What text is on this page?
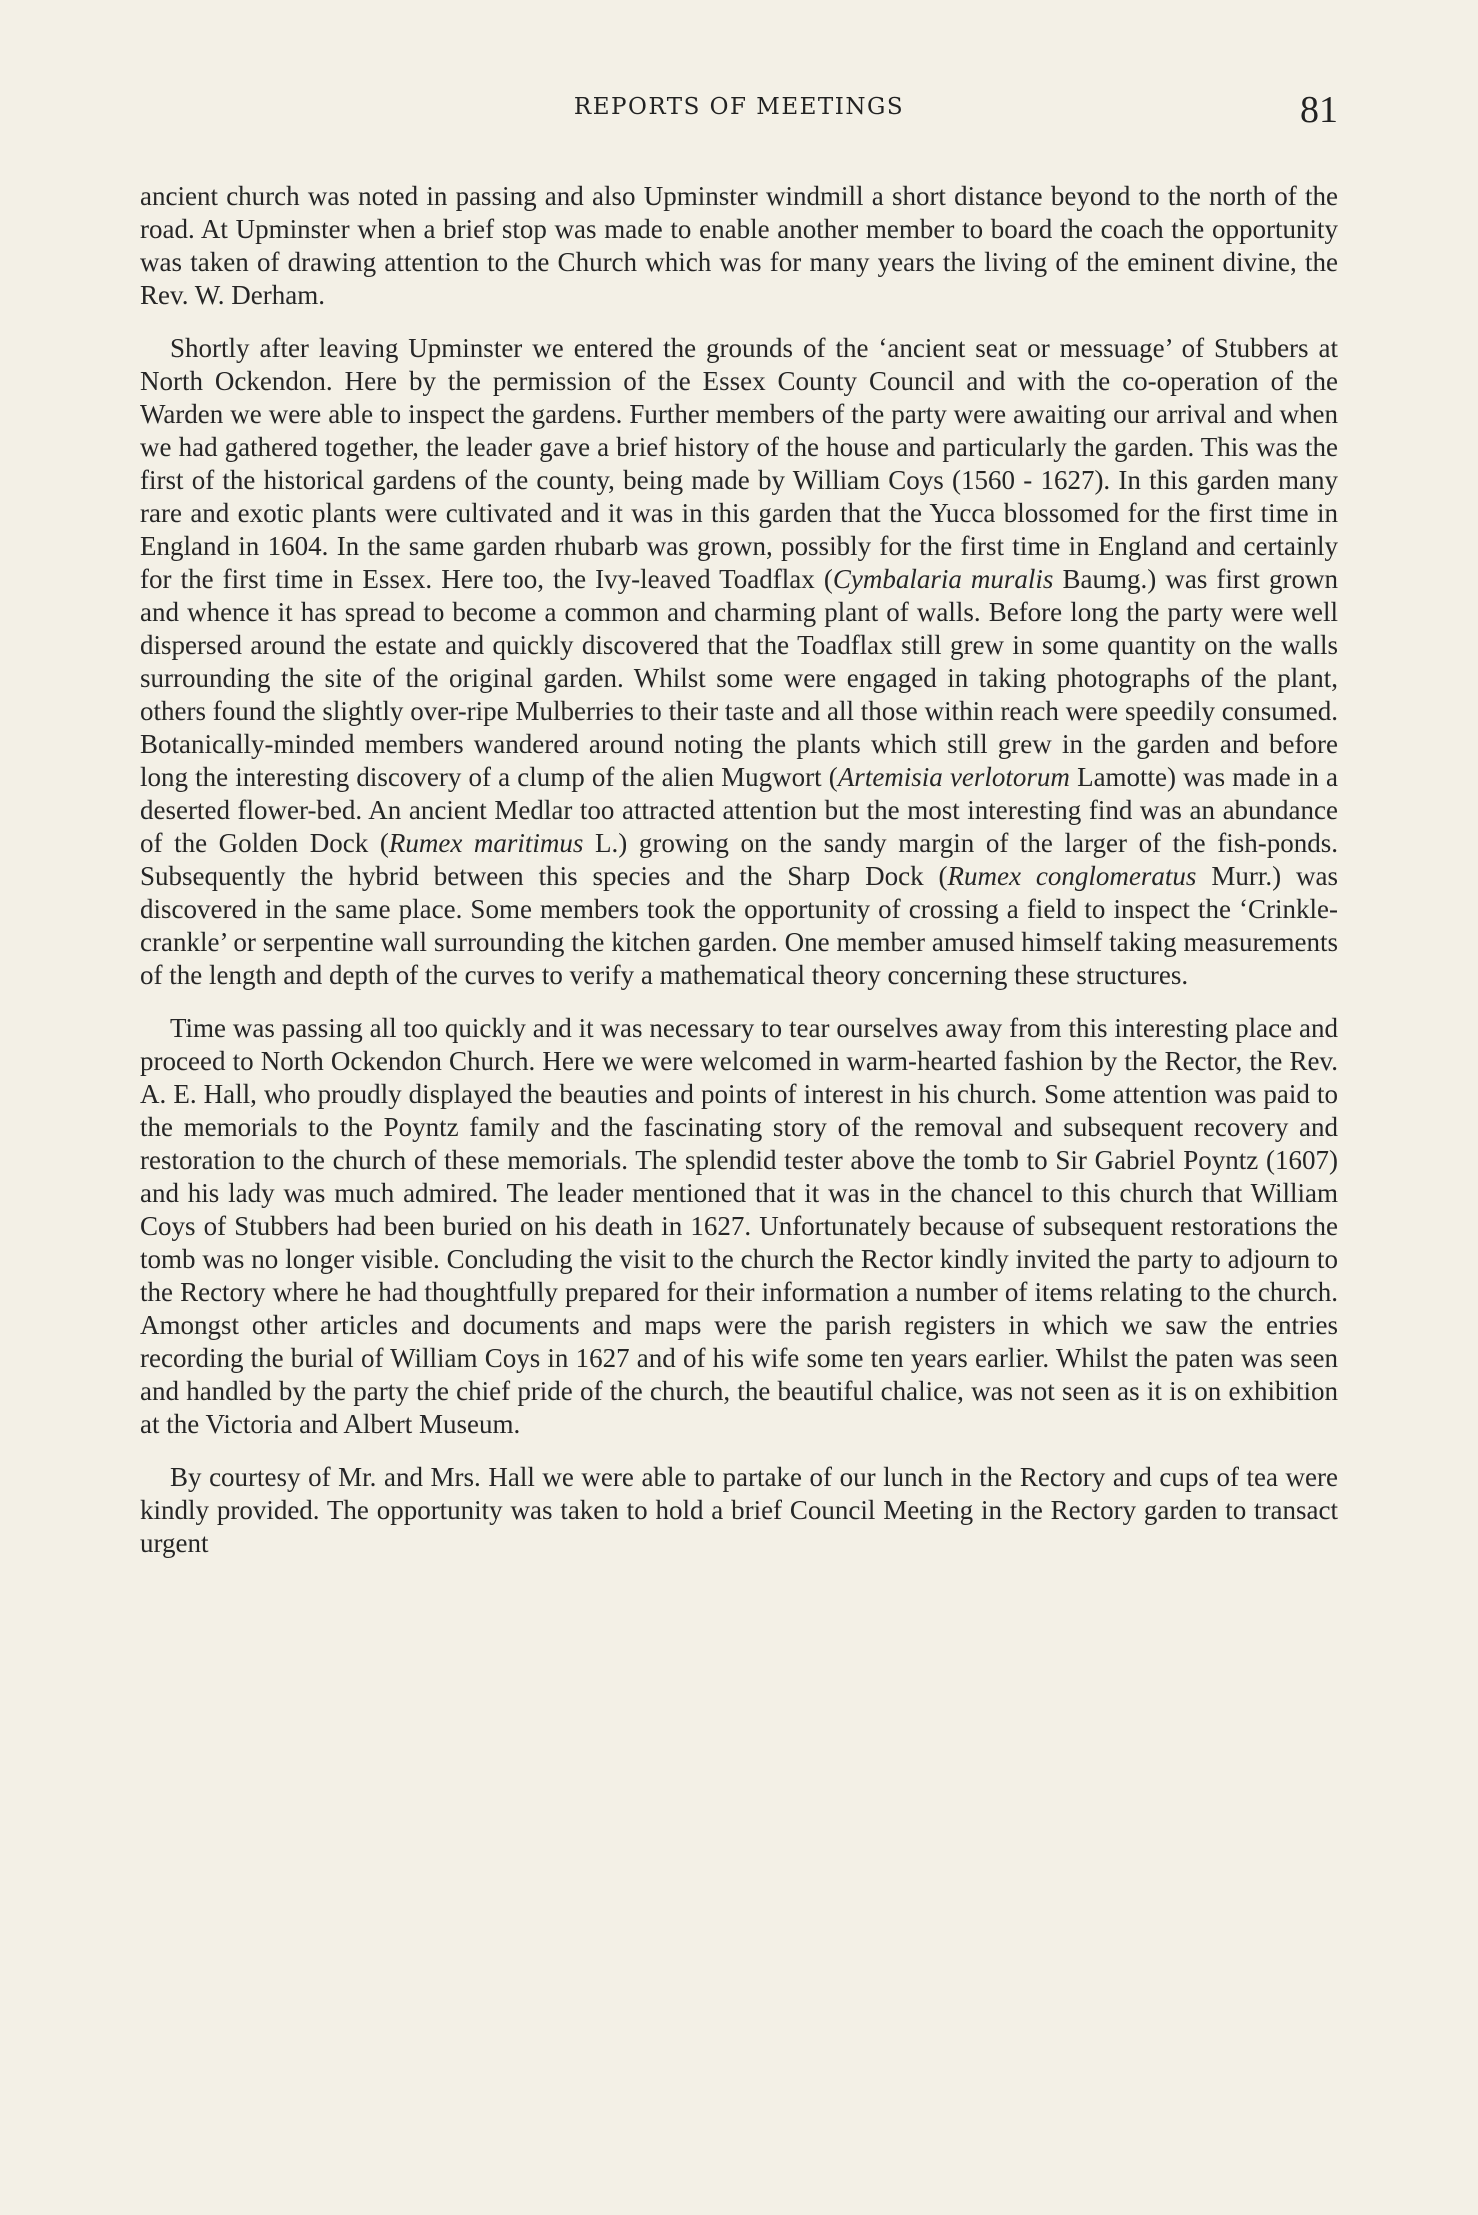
REPORTS OF MEETINGS	81

ancient church was noted in passing and also Upminster windmill a short distance beyond to the north of the road. At Upminster when a brief stop was made to enable another member to board the coach the opportunity was taken of drawing attention to the Church which was for many years the living of the eminent divine, the Rev. W. Derham.

Shortly after leaving Upminster we entered the grounds of the ‘ancient seat or messuage’ of Stubbers at North Ockendon. Here by the permission of the Essex County Council and with the co-operation of the Warden we were able to inspect the gardens. Further members of the party were awaiting our arrival and when we had gathered together, the leader gave a brief history of the house and particularly the garden. This was the first of the historical gardens of the county, being made by William Coys (1560 - 1627). In this garden many rare and exotic plants were cultivated and it was in this garden that the Yucca blossomed for the first time in England in 1604. In the same garden rhubarb was grown, possibly for the first time in England and certainly for the first time in Essex. Here too, the Ivy-leaved Toadflax (Cymbalaria muralis Baumg.) was first grown and whence it has spread to become a common and charming plant of walls. Before long the party were well dispersed around the estate and quickly discovered that the Toadflax still grew in some quantity on the walls surrounding the site of the original garden. Whilst some were engaged in taking photographs of the plant, others found the slightly over-ripe Mulberries to their taste and all those within reach were speedily consumed. Botanically-minded members wandered around noting the plants which still grew in the garden and before long the interesting discovery of a clump of the alien Mugwort (Artemisia verlotorum Lamotte) was made in a deserted flower-bed. An ancient Medlar too attracted attention but the most interesting find was an abundance of the Golden Dock (Rumex maritimus L.) growing on the sandy margin of the larger of the fish-ponds. Subsequently the hybrid between this species and the Sharp Dock (Rumex conglomeratus Murr.) was discovered in the same place. Some members took the opportunity of crossing a field to inspect the ‘Crinkle-crankle’ or serpentine wall surrounding the kitchen garden. One member amused himself taking measurements of the length and depth of the curves to verify a mathematical theory concerning these structures.

Time was passing all too quickly and it was necessary to tear ourselves away from this interesting place and proceed to North Ockendon Church. Here we were welcomed in warm-hearted fashion by the Rector, the Rev. A. E. Hall, who proudly displayed the beauties and points of interest in his church. Some attention was paid to the memorials to the Poyntz family and the fascinating story of the removal and subsequent recovery and restoration to the church of these memorials. The splendid tester above the tomb to Sir Gabriel Poyntz (1607) and his lady was much admired. The leader mentioned that it was in the chancel to this church that William Coys of Stubbers had been buried on his death in 1627. Unfortunately because of subsequent restorations the tomb was no longer visible. Concluding the visit to the church the Rector kindly invited the party to adjourn to the Rectory where he had thoughtfully prepared for their information a number of items relating to the church. Amongst other articles and documents and maps were the parish registers in which we saw the entries recording the burial of William Coys in 1627 and of his wife some ten years earlier. Whilst the paten was seen and handled by the party the chief pride of the church, the beautiful chalice, was not seen as it is on exhibition at the Victoria and Albert Museum.

By courtesy of Mr. and Mrs. Hall we were able to partake of our lunch in the Rectory and cups of tea were kindly provided. The opportunity was taken to hold a brief Council Meeting in the Rectory garden to transact urgent
